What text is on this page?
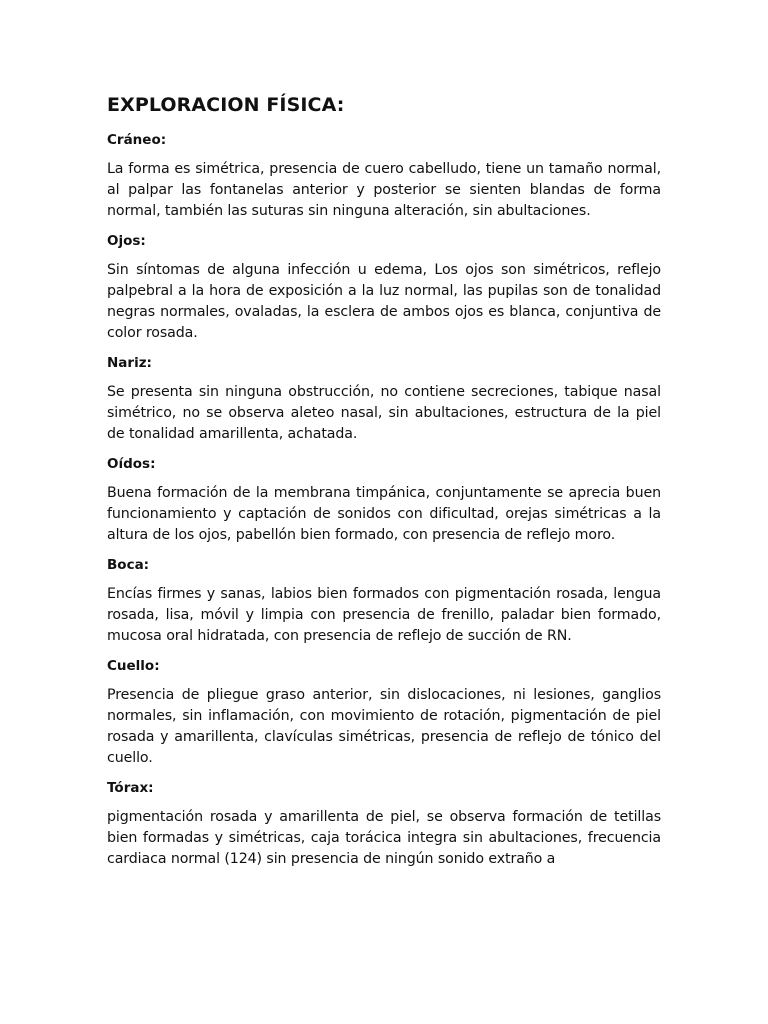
EXPLORACION FÍSICA:
Cráneo:

La forma es simétrica, presencia de cuero cabelludo, tiene un tamaño normal, al palpar las fontanelas anterior y posterior se sienten blandas de forma normal, también las suturas sin ninguna alteración, sin abultaciones.

Ojos:

Sin síntomas de alguna infección u edema, Los ojos son simétricos, reflejo palpebral a la hora de exposición a la luz normal, las pupilas son de tonalidad negras normales, ovaladas, la esclera de ambos ojos es blanca, conjuntiva de color rosada.

Nariz:

Se presenta sin ninguna obstrucción, no contiene secreciones, tabique nasal simétrico, no se observa aleteo nasal, sin abultaciones, estructura de la piel de tonalidad amarillenta, achatada.

Oídos:

Buena formación de la membrana timpánica, conjuntamente se aprecia buen funcionamiento y captación de sonidos con dificultad, orejas simétricas a la altura de los ojos, pabellón bien formado, con presencia de reflejo moro.

Boca:

Encías firmes y sanas, labios bien formados con pigmentación rosada, lengua rosada, lisa, móvil y limpia con presencia de frenillo, paladar bien formado, mucosa oral hidratada, con presencia de reflejo de succión de RN.

Cuello:

Presencia de pliegue graso anterior, sin dislocaciones, ni lesiones, ganglios normales, sin inflamación, con movimiento de rotación, pigmentación de piel rosada y amarillenta, clavículas simétricas, presencia de reflejo de tónico del cuello.

Tórax:

pigmentación rosada y amarillenta de piel, se observa formación de tetillas bien formadas y simétricas, caja torácica integra sin abultaciones, frecuencia cardiaca normal (124) sin presencia de ningún sonido extraño a
